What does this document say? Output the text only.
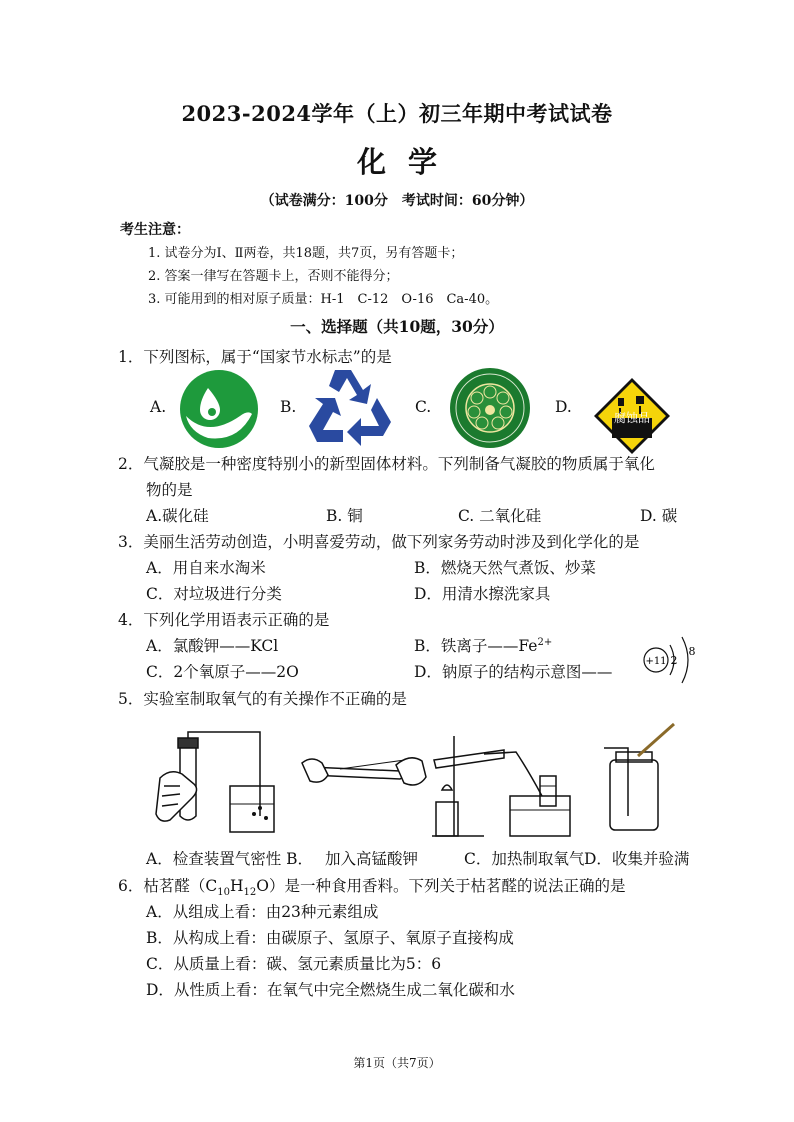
2023-2024学年（上）初三年期中考试试卷
化学
（试卷满分：100分　考试时间：60分钟）
考生注意：
1. 试卷分为Ⅰ、Ⅱ两卷，共18题，共7页，另有答题卡；
2. 答案一律写在答题卡上，否则不能得分；
3. 可能用到的相对原子质量：H-1　C-12　O-16　Ca-40。
一、选择题（共10题，30分）
1．下列图标，属于“国家节水标志”的是
A.	B.	C.	D.
腐蚀品
2．气凝胶是一种密度特别小的新型固体材料。下列制备气凝胶的物质属于氧化
物的是
A.碳化硅	B. 铜	C. 二氧化硅	D. 碳
3．美丽生活劳动创造，小明喜爱劳动，做下列家务劳动时涉及到化学化的是
A．用自来水淘米	B．燃烧天然气煮饭、炒菜
C．对垃圾进行分类	D．用清水擦洗家具
4．下列化学用语表示正确的是
A．氯酸钾——KCl	B．铁离子$——Fe^{2+}$
C．2个氧原子——2O	D．钠原子的结构示意图——
+11 2
8
5．实验室制取氧气的有关操作不正确的是
A．检查装置气密性 B． 加入高锰酸钾	C．加热制取氧气 D．收集并验满
6．枯茗醛$(C_{10}H_{12}O)$是一种食用香料。下列关于枯茗醛的说法正确的是
A．从组成上看：由23种元素组成
B．从构成上看：由碳原子、氢原子、氧原子直接构成
C．从质量上看：碳、氢元素质量比为5：6
D．从性质上看：在氧气中完全燃烧生成二氧化碳和水
第1页（共7页）
